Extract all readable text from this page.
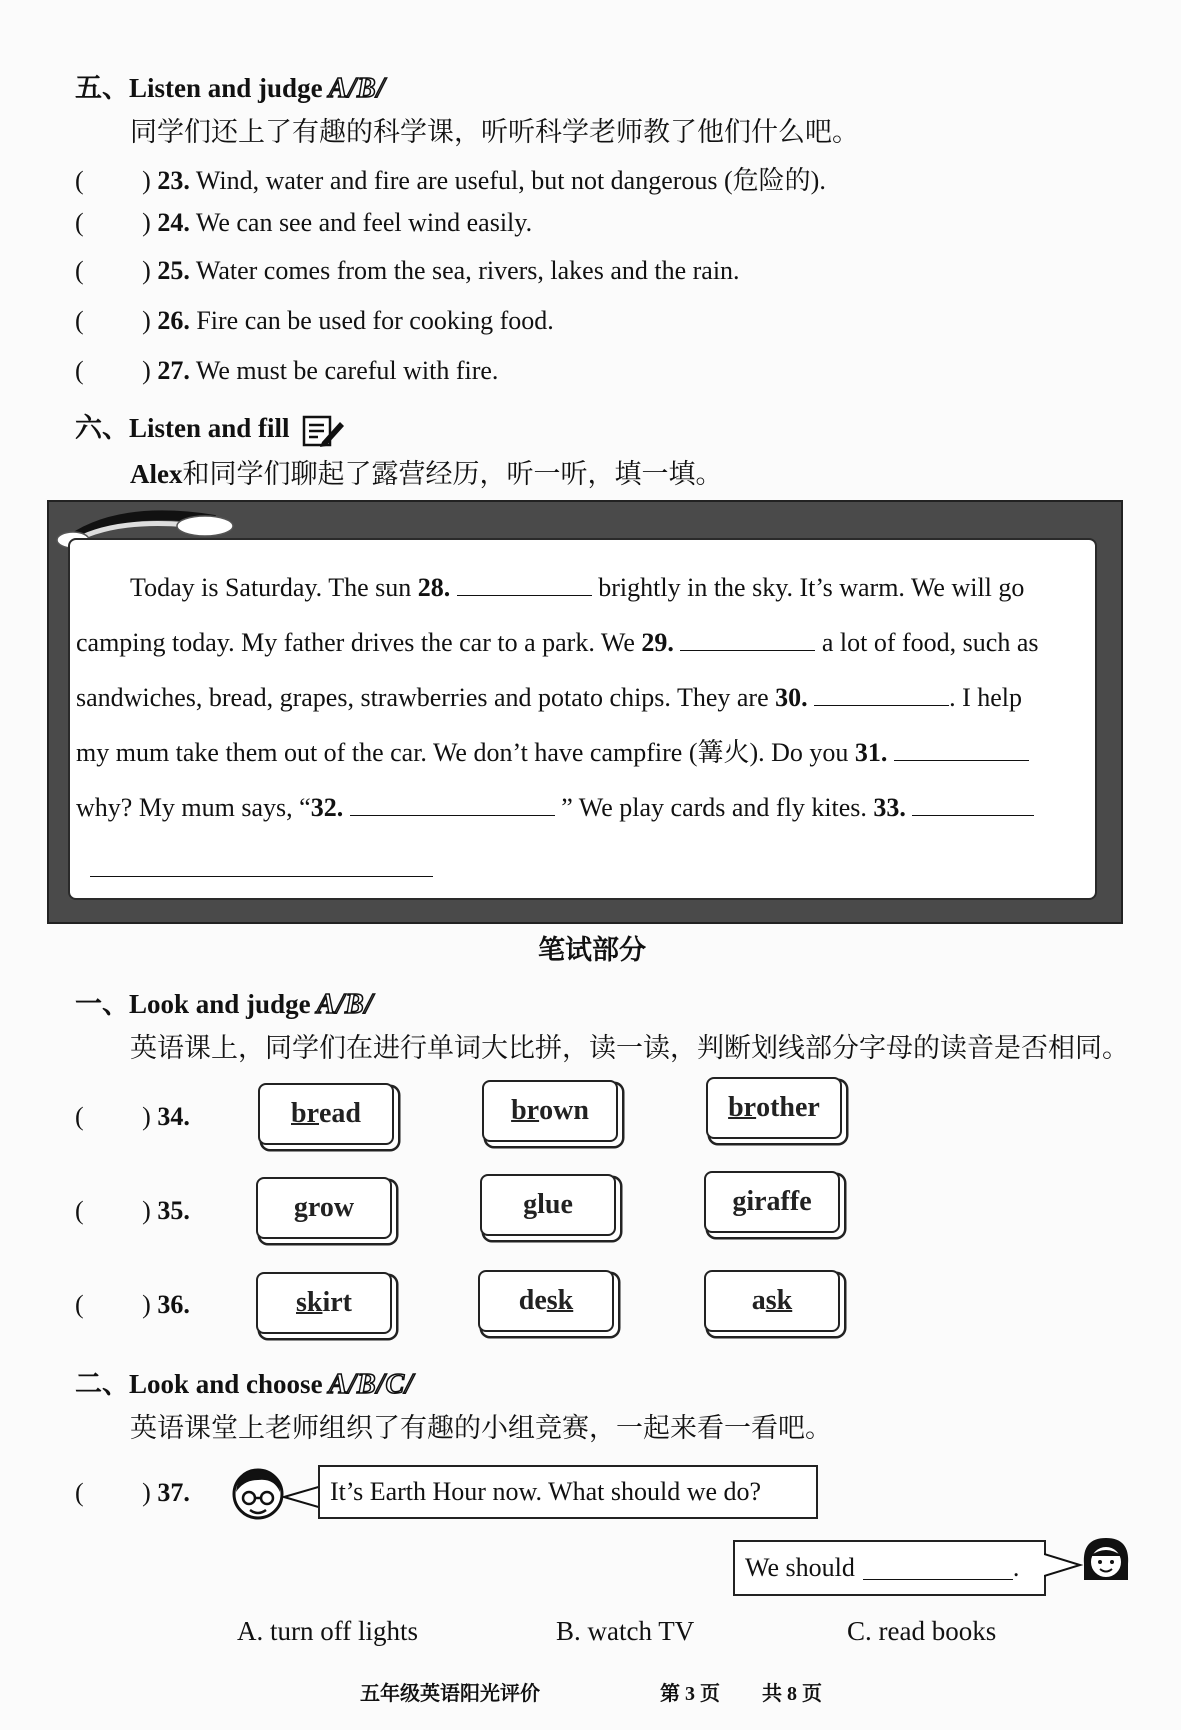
五、Listen and judge A/B/
同学们还上了有趣的科学课，听听科学老师教了他们什么吧。
(         ) 23. Wind, water and fire are useful, but not dangerous (危险的).
(         ) 24. We can see and feel wind easily.
(         ) 25. Water comes from the sea, rivers, lakes and the rain.
(         ) 26. Fire can be used for cooking food.
(         ) 27. We must be careful with fire.
六、Listen and fill
Alex和同学们聊起了露营经历，听一听，填一填。
Today is Saturday. The sun 28.	brightly in the sky. It’s warm. We will go
camping today. My father drives the car to a park. We 29.	a lot of food, such as
sandwiches, bread, grapes, strawberries and potato chips. They are 30.	. I help
my mum take them out of the car. We don’t have campfire (篝火). Do you 31.
why? My mum says, “32.	” We play cards and fly kites. 33.
笔试部分
一、Look and judge A/B/
英语课上，同学们在进行单词大比拼，读一读，判断划线部分字母的读音是否相同。
(         ) 34.	br ead	br own	br other
(         ) 35.	g row	g lue	g iraffe
(         ) 36.	sk irt	de sk	a sk
二、Look and choose A/B/C/
英语课堂上老师组织了有趣的小组竞赛，一起来看一看吧。
(         ) 37.	It’s Earth Hour now. What should we do?
We should	.
A. turn off lights	B. watch TV	C. read books
五年级英语阳光评价	第 3 页 共 8 页
